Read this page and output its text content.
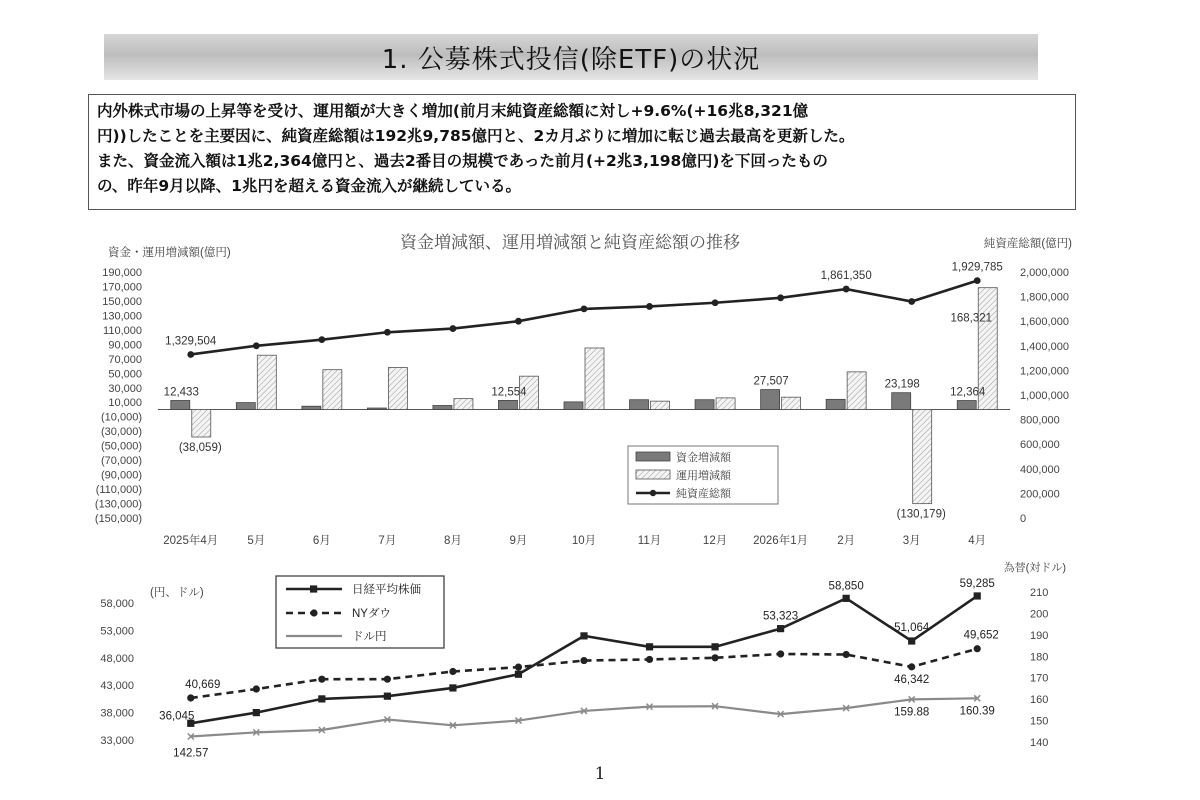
1. 公募株式投信(除ETF)の状況
内外株式市場の上昇等を受け、運用額が大きく増加(前月末純資産総額に対し+9.6%(+16兆8,321億
円))したことを主要因に、純資産総額は192兆9,785億円と、2カ月ぶりに増加に転じ過去最高を更新した。
また、資金流入額は1兆2,364億円と、過去2番目の規模であった前月(+2兆3,198億円)を下回ったもの
の、昨年9月以降、1兆円を超える資金流入が継続している。
資金増減額、運用増減額と純資産総額の推移
資金・運用増減額(億円)
純資産総額(億円)
190,000
170,000
150,000
130,000
110,000
90,000
70,000
50,000
30,000
10,000
(10,000)
(30,000)
(50,000)
(70,000)
(90,000)
(110,000)
(130,000)
(150,000)
2,000,000
1,800,000
1,600,000
1,400,000
1,200,000
1,000,000
800,000
600,000
400,000
200,000
0
2025年4月	5月	6月	7月	8月	9月	10月	11月	12月 2026年1月	2月	3月	4月
12,433
(38,059)
12,554
27,507	23,198
(130,179)
12,364
168,321
1,329,504
1,861,350
1,929,785
資金増減額
運用増減額
純資産総額
(円、ドル)
為替(対ドル)
58,000
53,000
48,000
43,000
38,000
33,000
210
200
190
180
170
160
150
140
36,045
53,323
58,850
51,064
59,285
40,669	46,342
49,652
142.57
159.88	160.39
日経平均株価
NYダウ
ドル円
1
